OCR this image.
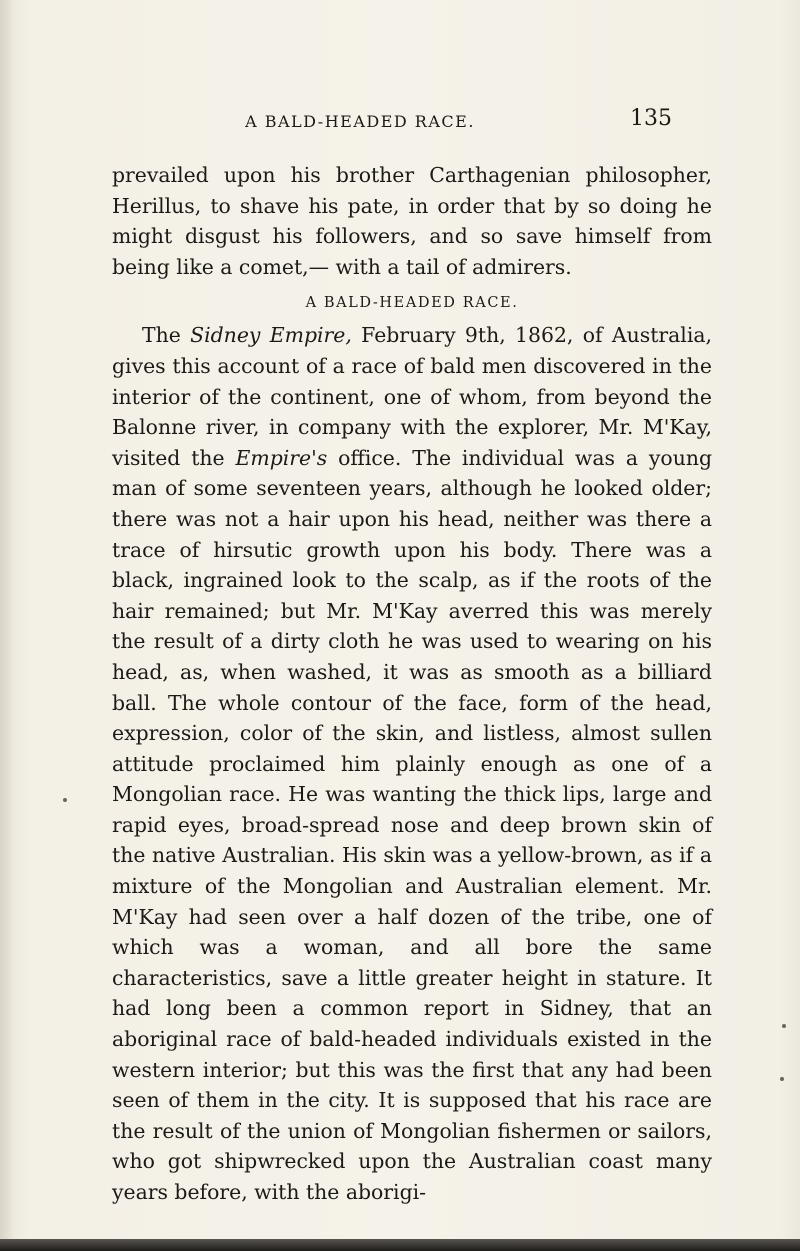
A BALD-HEADED RACE.	135

prevailed upon his brother Carthagenian philosopher, Herillus, to shave his pate, in order that by so doing he might disgust his followers, and so save himself from being like a comet,— with a tail of admirers.

A BALD-HEADED RACE.

The Sidney Empire, February 9th, 1862, of Australia, gives this account of a race of bald men discovered in the interior of the continent, one of whom, from beyond the Balonne river, in company with the explorer, Mr. M'Kay, visited the Empire's office. The individual was a young man of some seventeen years, although he looked older; there was not a hair upon his head, neither was there a trace of hirsutic growth upon his body. There was a black, ingrained look to the scalp, as if the roots of the hair remained; but Mr. M'Kay averred this was merely the result of a dirty cloth he was used to wearing on his head, as, when washed, it was as smooth as a billiard ball. The whole contour of the face, form of the head, expression, color of the skin, and listless, almost sullen attitude proclaimed him plainly enough as one of a Mongolian race. He was wanting the thick lips, large and rapid eyes, broad-spread nose and deep brown skin of the native Australian. His skin was a yellow-brown, as if a mixture of the Mongolian and Australian element. Mr. M'Kay had seen over a half dozen of the tribe, one of which was a woman, and all bore the same characteristics, save a little greater height in stature. It had long been a common report in Sidney, that an aboriginal race of bald-headed individuals existed in the western interior; but this was the first that any had been seen of them in the city. It is supposed that his race are the result of the union of Mongolian fishermen or sailors, who got shipwrecked upon the Australian coast many years before, with the aborigi-
